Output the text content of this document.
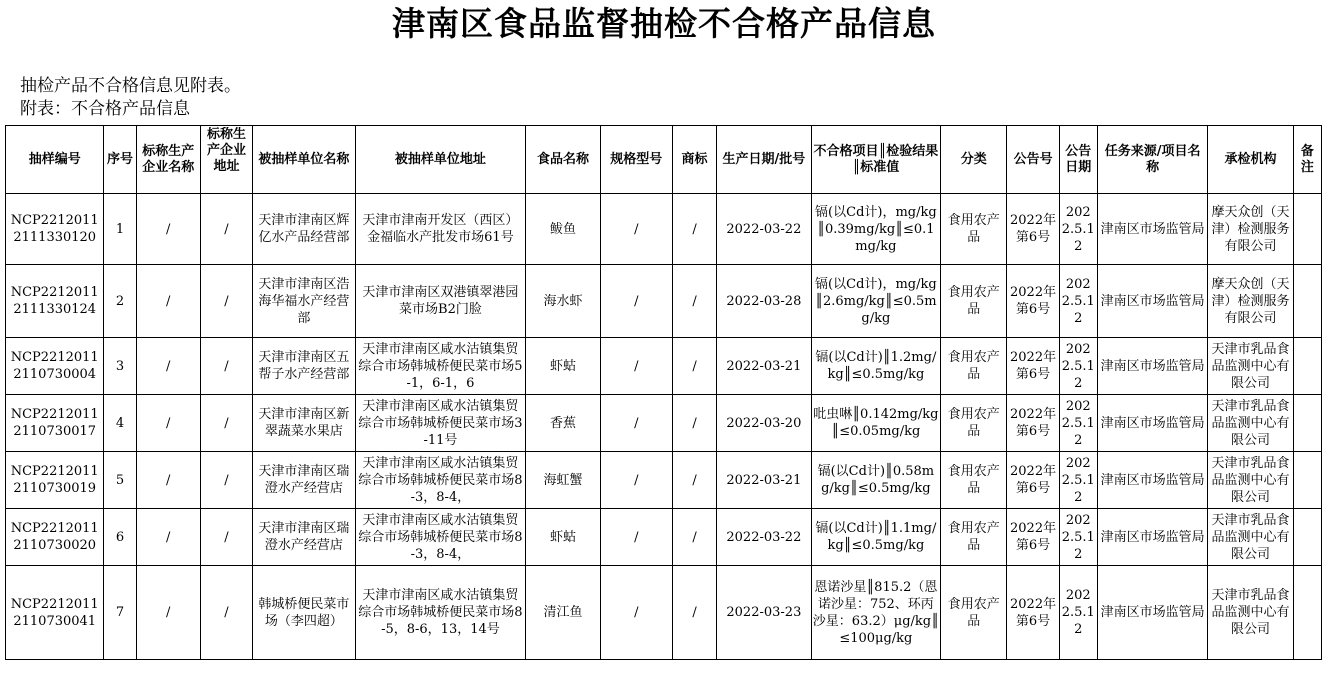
津南区食品监督抽检不合格产品信息
抽检产品不合格信息见附表。
附表：不合格产品信息
抽样编号	序号	标称生产企业名称	标称生产企业地址	被抽样单位名称	被抽样单位地址	食品名称	规格型号	商标	生产日期/批号	不合格项目║检验结果║标准值	分类	公告号	公告日期	任务来源/项目名称	承检机构	备注
NCP22120112111330120	1	/	/	天津市津南区辉亿水产品经营部	天津市津南开发区（西区）金福临水产批发市场61号	鲅鱼	/	/	2022-03-22	镉(以Cd计)，mg/kg║0.39mg/kg║≤0.1mg/kg	食用农产品	2022年第6号	2022.5.12	津南区市场监管局	摩天众创（天津）检测服务有限公司	
NCP22120112111330124	2	/	/	天津市津南区浩海华福水产经营部	天津市津南区双港镇翠港园菜市场B2门脸	海水虾	/	/	2022-03-28	镉(以Cd计)，mg/kg║2.6mg/kg║≤0.5mg/kg	食用农产品	2022年第6号	2022.5.12	津南区市场监管局	摩天众创（天津）检测服务有限公司	
NCP22120112110730004	3	/	/	天津市津南区五帮子水产经营部	天津市津南区咸水沽镇集贸综合市场韩城桥便民菜市场5-1，6-1，6	虾蛄	/	/	2022-03-21	镉(以Cd计)║1.2mg/kg║≤0.5mg/kg	食用农产品	2022年第6号	2022.5.12	津南区市场监管局	天津市乳品食品监测中心有限公司	
NCP22120112110730017	4	/	/	天津市津南区新翠蔬菜水果店	天津市津南区咸水沽镇集贸综合市场韩城桥便民菜市场3-11号	香蕉	/	/	2022-03-20	吡虫啉║0.142mg/kg║≤0.05mg/kg	食用农产品	2022年第6号	2022.5.12	津南区市场监管局	天津市乳品食品监测中心有限公司	
NCP22120112110730019	5	/	/	天津市津南区瑞澄水产经营店	天津市津南区咸水沽镇集贸综合市场韩城桥便民菜市场8-3，8-4，	海虹蟹	/	/	2022-03-21	镉(以Cd计)║0.58mg/kg║≤0.5mg/kg	食用农产品	2022年第6号	2022.5.12	津南区市场监管局	天津市乳品食品监测中心有限公司	
NCP22120112110730020	6	/	/	天津市津南区瑞澄水产经营店	天津市津南区咸水沽镇集贸综合市场韩城桥便民菜市场8-3，8-4，	虾蛄	/	/	2022-03-22	镉(以Cd计)║1.1mg/kg║≤0.5mg/kg	食用农产品	2022年第6号	2022.5.12	津南区市场监管局	天津市乳品食品监测中心有限公司	
NCP22120112110730041	7	/	/	韩城桥便民菜市场（李四超）	天津市津南区咸水沽镇集贸综合市场韩城桥便民菜市场8-5，8-6，13，14号	清江鱼	/	/	2022-03-23	恩诺沙星║815.2（恩诺沙星：752、环丙沙星：63.2）μg/kg║≤100μg/kg	食用农产品	2022年第6号	2022.5.12	津南区市场监管局	天津市乳品食品监测中心有限公司	
